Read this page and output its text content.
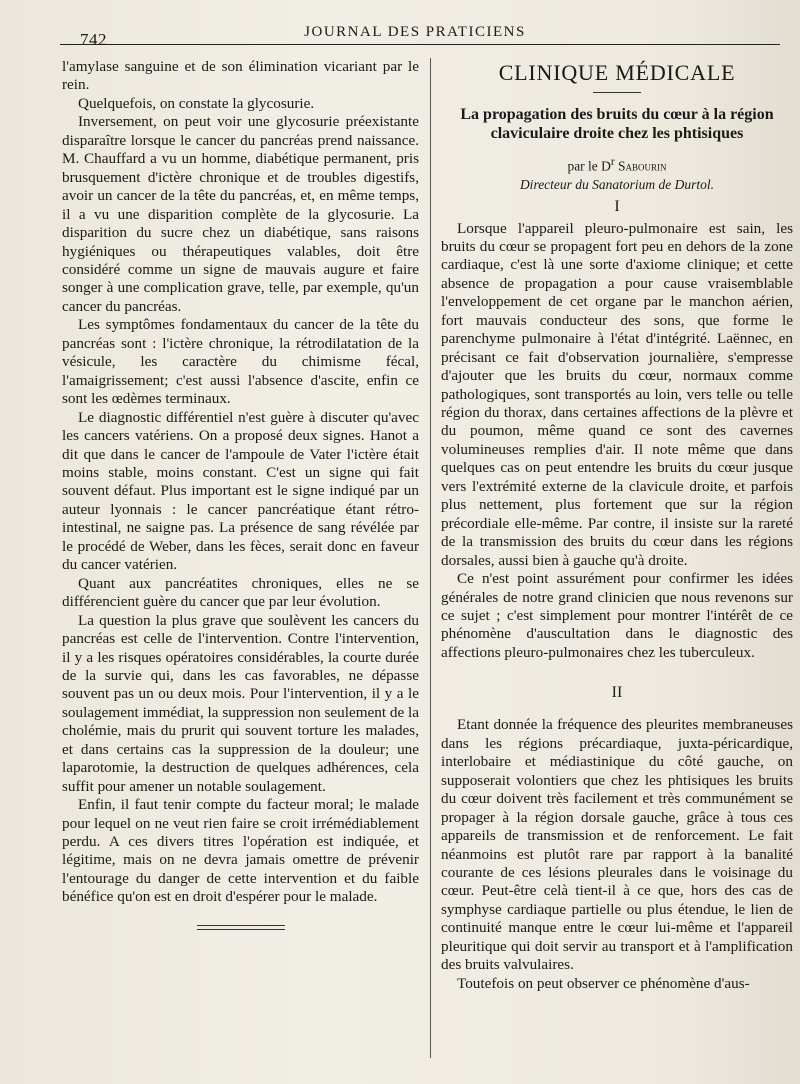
742	JOURNAL DES PRATICIENS

l'amylase sanguine et de son élimination vicariant par le rein.

Quelquefois, on constate la glycosurie.

Inversement, on peut voir une glycosurie préexistante disparaître lorsque le cancer du pancréas prend naissance. M. Chauffard a vu un homme, diabétique permanent, pris brusquement d'ictère chronique et de troubles digestifs, avoir un cancer de la tête du pancréas, et, en même temps, il a vu une disparition complète de la glycosurie. La disparition du sucre chez un diabétique, sans raisons hygiéniques ou thérapeutiques valables, doit être considéré comme un signe de mauvais augure et faire songer à une complication grave, telle, par exemple, qu'un cancer du pancréas.

Les symptômes fondamentaux du cancer de la tête du pancréas sont : l'ictère chronique, la rétrodilatation de la vésicule, les caractère du chimisme fécal, l'amaigrissement; c'est aussi l'absence d'ascite, enfin ce sont les œdèmes terminaux.

Le diagnostic différentiel n'est guère à discuter qu'avec les cancers vatériens. On a proposé deux signes. Hanot a dit que dans le cancer de l'ampoule de Vater l'ictère était moins stable, moins constant. C'est un signe qui fait souvent défaut. Plus important est le signe indiqué par un auteur lyonnais : le cancer pancréatique étant rétro-intestinal, ne saigne pas. La présence de sang révélée par le procédé de Weber, dans les fèces, serait donc en faveur du cancer vatérien.

Quant aux pancréatites chroniques, elles ne se différencient guère du cancer que par leur évolution.

La question la plus grave que soulèvent les cancers du pancréas est celle de l'intervention. Contre l'intervention, il y a les risques opératoires considérables, la courte durée de la survie qui, dans les cas favorables, ne dépasse souvent pas un ou deux mois. Pour l'intervention, il y a le soulagement immédiat, la suppression non seulement de la cholémie, mais du prurit qui souvent torture les malades, et dans certains cas la suppression de la douleur; une laparotomie, la destruction de quelques adhérences, cela suffit pour amener un notable soulagement.

Enfin, il faut tenir compte du facteur moral; le malade pour lequel on ne veut rien faire se croit irrémédiablement perdu. A ces divers titres l'opération est indiquée, et légitime, mais on ne devra jamais omettre de prévenir l'entourage du danger de cette intervention et du faible bénéfice qu'on est en droit d'espérer pour le malade.

CLINIQUE MÉDICALE
La propagation des bruits du cœur à la région claviculaire droite chez les phtisiques

par le $D^r$ Sabourin

Directeur du Sanatorium de Durtol.

I

Lorsque l'appareil pleuro-pulmonaire est sain, les bruits du cœur se propagent fort peu en dehors de la zone cardiaque, c'est là une sorte d'axiome clinique; et cette absence de propagation a pour cause vraisemblable l'enveloppement de cet organe par le manchon aérien, fort mauvais conducteur des sons, que forme le parenchyme pulmonaire à l'état d'intégrité. Laënnec, en précisant ce fait d'observation journalière, s'empresse d'ajouter que les bruits du cœur, normaux comme pathologiques, sont transportés au loin, vers telle ou telle région du thorax, dans certaines affections de la plèvre et du poumon, même quand ce sont des cavernes volumineuses remplies d'air. Il note même que dans quelques cas on peut entendre les bruits du cœur jusque vers l'extrémité externe de la clavicule droite, et parfois plus nettement, plus fortement que sur la région précordiale elle-même. Par contre, il insiste sur la rareté de la transmission des bruits du cœur dans les régions dorsales, aussi bien à gauche qu'à droite.

Ce n'est point assurément pour confirmer les idées générales de notre grand clinicien que nous revenons sur ce sujet ; c'est simplement pour montrer l'intérêt de ce phénomène d'auscultation dans le diagnostic des affections pleuro-pulmonaires chez les tuberculeux.

II

Etant donnée la fréquence des pleurites membraneuses dans les régions précardiaque, juxta-péricardique, interlobaire et médiastinique du côté gauche, on supposerait volontiers que chez les phtisiques les bruits du cœur doivent très facilement et très communément se propager à la région dorsale gauche, grâce à tous ces appareils de transmission et de renforcement. Le fait néanmoins est plutôt rare par rapport à la banalité courante de ces lésions pleurales dans le voisinage du cœur. Peut-être celà tient-il à ce que, hors des cas de symphyse cardiaque partielle ou plus étendue, le lien de continuité manque entre le cœur lui-même et l'appareil pleuritique qui doit servir au transport et à l'amplification des bruits valvulaires.

Toutefois on peut observer ce phénomène d'aus-
